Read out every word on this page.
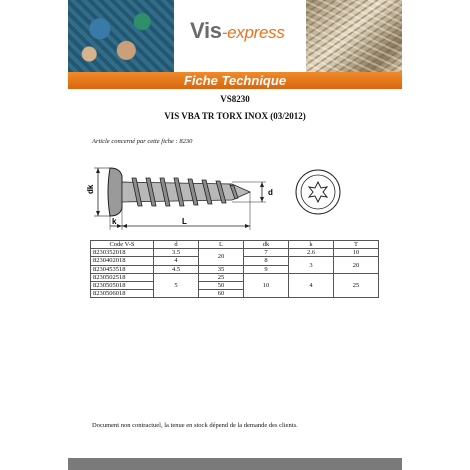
Vis-express
Fiche Technique
VS8230
VIS VBA TR TORX INOX (03/2012)
Article concerné par cette fiche : 8230
dk	d
k	L
Code V-S	d	L	dk	k	T
8230352018	3.5	20	7	2.6	10
8230402018	4		8	3	20
8230453518	4.5	35	9		
8230502518	5	25	10	4	25
8230505018		50			
8230506018		60			
Document non contractuel, la tenue en stock dépend de la demande des clients.
